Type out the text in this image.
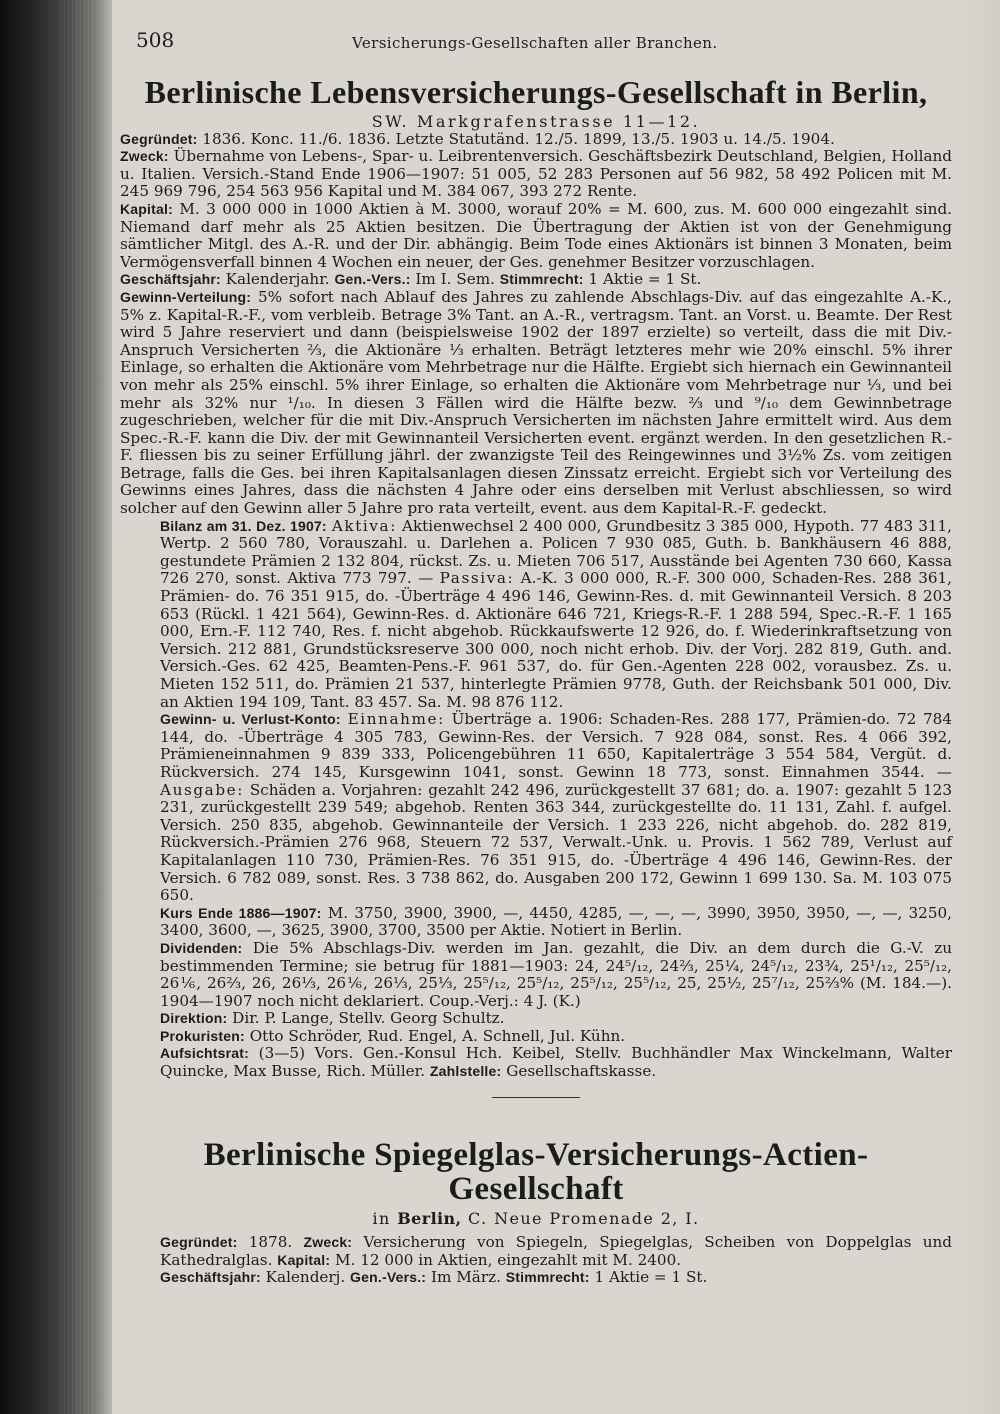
508	Versicherungs-Gesellschaften aller Branchen.
Berlinische Lebensversicherungs-Gesellschaft in Berlin,
SW. Markgrafenstrasse 11—12.

Gegründet: 1836. Konc. 11./6. 1836. Letzte Statutänd. 12./5. 1899, 13./5. 1903 u. 14./5. 1904.

Zweck: Übernahme von Lebens-, Spar- u. Leibrentenversich. Geschäftsbezirk Deutschland, Belgien, Holland u. Italien. Versich.-Stand Ende 1906—1907: 51 005, 52 283 Personen auf 56 982, 58 492 Policen mit M. 245 969 796, 254 563 956 Kapital und M. 384 067, 393 272 Rente.

Kapital: M. 3 000 000 in 1000 Aktien à M. 3000, worauf 20% = M. 600, zus. M. 600 000 eingezahlt sind. Niemand darf mehr als 25 Aktien besitzen. Die Übertragung der Aktien ist von der Genehmigung sämtlicher Mitgl. des A.-R. und der Dir. abhängig. Beim Tode eines Aktionärs ist binnen 3 Monaten, beim Vermögensverfall binnen 4 Wochen ein neuer, der Ges. genehmer Besitzer vorzuschlagen.

Geschäftsjahr: Kalenderjahr. Gen.-Vers.: Im I. Sem. Stimmrecht: 1 Aktie = 1 St.

Gewinn-Verteilung: 5% sofort nach Ablauf des Jahres zu zahlende Abschlags-Div. auf das eingezahlte A.-K., 5% z. Kapital-R.-F., vom verbleib. Betrage 3% Tant. an A.-R., vertragsm. Tant. an Vorst. u. Beamte. Der Rest wird 5 Jahre reserviert und dann (beispielsweise 1902 der 1897 erzielte) so verteilt, dass die mit Div.-Anspruch Versicherten ⅔, die Aktionäre ⅓ erhalten. Beträgt letzteres mehr wie 20% einschl. 5% ihrer Einlage, so erhalten die Aktionäre vom Mehrbetrage nur die Hälfte. Ergiebt sich hiernach ein Gewinnanteil von mehr als 25% einschl. 5% ihrer Einlage, so erhalten die Aktionäre vom Mehrbetrage nur ⅓, und bei mehr als 32% nur ¹/₁₀. In diesen 3 Fällen wird die Hälfte bezw. ⅔ und ⁹/₁₀ dem Gewinnbetrage zugeschrieben, welcher für die mit Div.-Anspruch Versicherten im nächsten Jahre ermittelt wird. Aus dem Spec.-R.-F. kann die Div. der mit Gewinnanteil Versicherten event. ergänzt werden. In den gesetzlichen R.-F. fliessen bis zu seiner Erfüllung jährl. der zwanzigste Teil des Reingewinnes und 3½% Zs. vom zeitigen Betrage, falls die Ges. bei ihren Kapitalsanlagen diesen Zinssatz erreicht. Ergiebt sich vor Verteilung des Gewinns eines Jahres, dass die nächsten 4 Jahre oder eins derselben mit Verlust abschliessen, so wird solcher auf den Gewinn aller 5 Jahre pro rata verteilt, event. aus dem Kapital-R.-F. gedeckt.

Bilanz am 31. Dez. 1907: Aktiva: Aktienwechsel 2 400 000, Grundbesitz 3 385 000, Hypoth. 77 483 311, Wertp. 2 560 780, Vorauszahl. u. Darlehen a. Policen 7 930 085, Guth. b. Bankhäusern 46 888, gestundete Prämien 2 132 804, rückst. Zs. u. Mieten 706 517, Ausstände bei Agenten 730 660, Kassa 726 270, sonst. Aktiva 773 797. — Passiva: A.-K. 3 000 000, R.-F. 300 000, Schaden-Res. 288 361, Prämien- do. 76 351 915, do. -Überträge 4 496 146, Gewinn-Res. d. mit Gewinnanteil Versich. 8 203 653 (Rückl. 1 421 564), Gewinn-Res. d. Aktionäre 646 721, Kriegs-R.-F. 1 288 594, Spec.-R.-F. 1 165 000, Ern.-F. 112 740, Res. f. nicht abgehob. Rückkaufswerte 12 926, do. f. Wiederinkraftsetzung von Versich. 212 881, Grundstücksreserve 300 000, noch nicht erhob. Div. der Vorj. 282 819, Guth. and. Versich.-Ges. 62 425, Beamten-Pens.-F. 961 537, do. für Gen.-Agenten 228 002, vorausbez. Zs. u. Mieten 152 511, do. Prämien 21 537, hinterlegte Prämien 9778, Guth. der Reichsbank 501 000, Div. an Aktien 194 109, Tant. 83 457. Sa. M. 98 876 112.

Gewinn- u. Verlust-Konto: Einnahme: Überträge a. 1906: Schaden-Res. 288 177, Prämien-do. 72 784 144, do. -Überträge 4 305 783, Gewinn-Res. der Versich. 7 928 084, sonst. Res. 4 066 392, Prämieneinnahmen 9 839 333, Policengebühren 11 650, Kapitalerträge 3 554 584, Vergüt. d. Rückversich. 274 145, Kursgewinn 1041, sonst. Gewinn 18 773, sonst. Einnahmen 3544. — Ausgabe: Schäden a. Vorjahren: gezahlt 242 496, zurückgestellt 37 681; do. a. 1907: gezahlt 5 123 231, zurückgestellt 239 549; abgehob. Renten 363 344, zurückgestellte do. 11 131, Zahl. f. aufgel. Versich. 250 835, abgehob. Gewinnanteile der Versich. 1 233 226, nicht abgehob. do. 282 819, Rückversich.-Prämien 276 968, Steuern 72 537, Verwalt.-Unk. u. Provis. 1 562 789, Verlust auf Kapitalanlagen 110 730, Prämien-Res. 76 351 915, do. -Überträge 4 496 146, Gewinn-Res. der Versich. 6 782 089, sonst. Res. 3 738 862, do. Ausgaben 200 172, Gewinn 1 699 130. Sa. M. 103 075 650.

Kurs Ende 1886—1907: M. 3750, 3900, 3900, —, 4450, 4285, —, —, —, 3990, 3950, 3950, —, —, 3250, 3400, 3600, —, 3625, 3900, 3700, 3500 per Aktie. Notiert in Berlin.

Dividenden: Die 5% Abschlags-Div. werden im Jan. gezahlt, die Div. an dem durch die G.-V. zu bestimmenden Termine; sie betrug für 1881—1903: 24, 24⁵/₁₂, 24⅔, 25¼, 24⁵/₁₂, 23¾, 25¹/₁₂, 25⁵/₁₂, 26⅙, 26⅔, 26, 26⅓, 26⅙, 26⅓, 25⅓, 25⁵/₁₂, 25⁵/₁₂, 25⁵/₁₂, 25⁵/₁₂, 25, 25½, 25⁷/₁₂, 25⅔% (M. 184.—). 1904—1907 noch nicht deklariert. Coup.-Verj.: 4 J. (K.)

Direktion: Dir. P. Lange, Stellv. Georg Schultz.

Prokuristen: Otto Schröder, Rud. Engel, A. Schnell, Jul. Kühn.

Aufsichtsrat: (3—5) Vors. Gen.-Konsul Hch. Keibel, Stellv. Buchhändler Max Winckelmann, Walter Quincke, Max Busse, Rich. Müller. Zahlstelle: Gesellschaftskasse.

Berlinische Spiegelglas-Versicherungs-Actien-Gesellschaft
in Berlin, C. Neue Promenade 2, I.

Gegründet: 1878. Zweck: Versicherung von Spiegeln, Spiegelglas, Scheiben von Doppelglas und Kathedralglas. Kapital: M. 12 000 in Aktien, eingezahlt mit M. 2400.

Geschäftsjahr: Kalenderj. Gen.-Vers.: Im März. Stimmrecht: 1 Aktie = 1 St.
